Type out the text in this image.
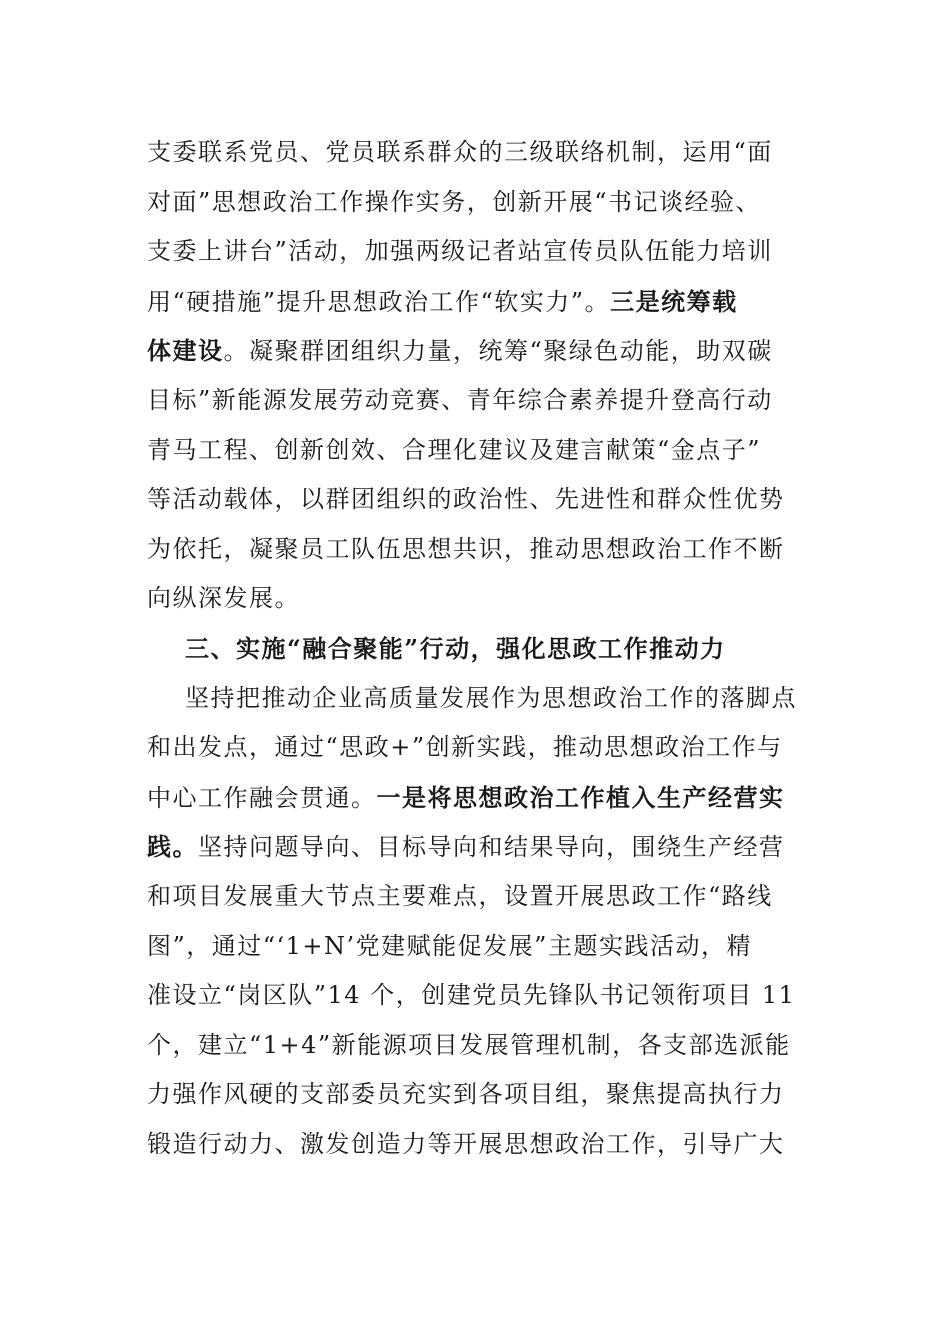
支委联系党员、党员联系群众的三级联络机制，运用“面
对面”思想政治工作操作实务，创新开展“书记谈经验、
支委上讲台”活动，加强两级记者站宣传员队伍能力培训
用“硬措施”提升思想政治工作“软实力”。三是统筹载
体建设。凝聚群团组织力量，统筹“聚绿色动能，助双碳
目标”新能源发展劳动竞赛、青年综合素养提升登高行动
青马工程、创新创效、合理化建议及建言献策“金点子”
等活动载体，以群团组织的政治性、先进性和群众性优势
为依托，凝聚员工队伍思想共识，推动思想政治工作不断
向纵深发展。
三、实施“融合聚能”行动，强化思政工作推动力
坚持把推动企业高质量发展作为思想政治工作的落脚点
和出发点，通过“思政+”创新实践，推动思想政治工作与
中心工作融会贯通。一是将思想政治工作植入生产经营实
践。坚持问题导向、目标导向和结果导向，围绕生产经营
和项目发展重大节点主要难点，设置开展思政工作“路线
图”，通过“‘1+N’党建赋能促发展”主题实践活动，精
准设立“岗区队”14 个，创建党员先锋队书记领衔项目 11
个，建立“1+4”新能源项目发展管理机制，各支部选派能
力强作风硬的支部委员充实到各项目组，聚焦提高执行力
锻造行动力、激发创造力等开展思想政治工作，引导广大
